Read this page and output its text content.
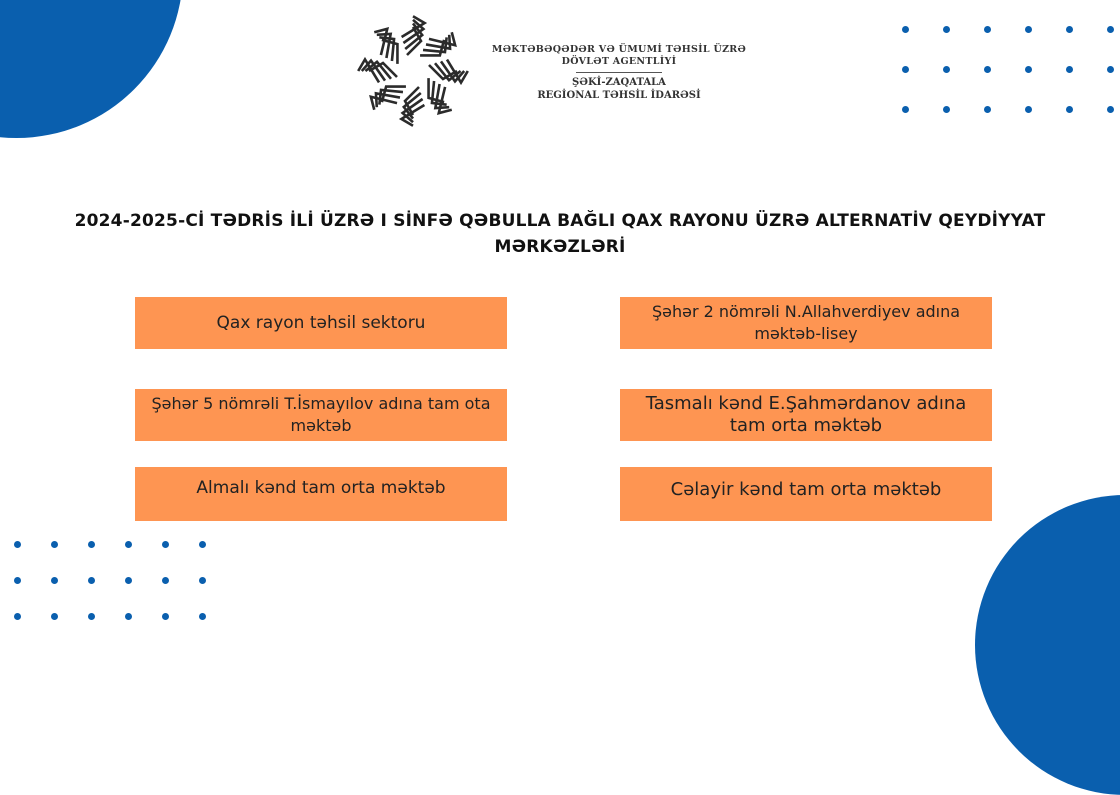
MƏKTƏBƏQƏDƏR VƏ ÜMUMİ TƏHSİL ÜZRƏ
DÖVLƏT AGENTLİYİ
ŞƏKİ-ZAQATALA
REGİONAL TƏHSİL İDARƏSİ
2024-2025-Cİ TƏDRİS İLİ ÜZRƏ I SİNFƏ QƏBULLA BAĞLI QAX RAYONU ÜZRƏ ALTERNATİV QEYDİYYAT
MƏRKƏZLƏRİ
Qax rayon təhsil sektoru
Şəhər 2 nömrəli N.Allahverdiyev adına məktəb-lisey
Şəhər 5 nömrəli T.İsmayılov adına tam ota məktəb
Tasmalı kənd E.Şahmərdanov adına tam orta məktəb
Almalı kənd tam orta məktəb	Cəlayir kənd tam orta məktəb
